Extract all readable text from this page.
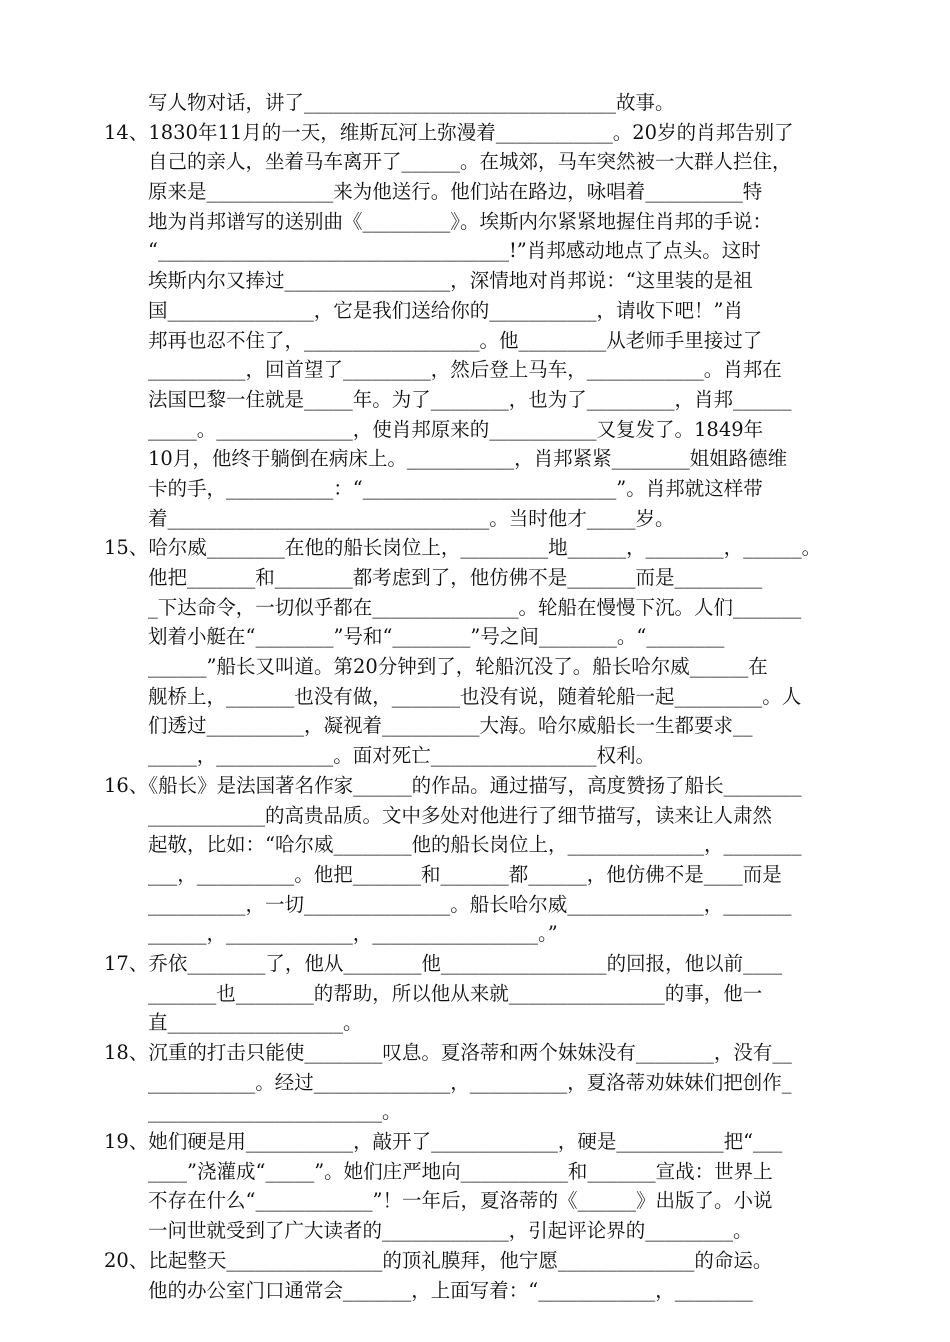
写人物对话，讲了________________________________故事。
14、1830年11月的一天，维斯瓦河上弥漫着____________。20岁的肖邦告别了
自己的亲人，坐着马车离开了______。在城郊，马车突然被一大群人拦住，
原来是_____________来为他送行。他们站在路边，咏唱着__________特
地为肖邦谱写的送别曲《_________》。埃斯内尔紧紧地握住肖邦的手说：
“____________________________________!”肖邦感动地点了点头。这时
埃斯内尔又捧过_________________，深情地对肖邦说：“这里装的是祖
国_______________，它是我们送给你的___________，请收下吧！”肖
邦再也忍不住了，__________________。他_________从老师手里接过了
__________，回首望了_________，然后登上马车，____________。肖邦在
法国巴黎一住就是_____年。为了________，也为了_________，肖邦______
_____。______________，使肖邦原来的___________又复发了。1849年
10月，他终于躺倒在病床上。___________，肖邦紧紧________姐姐路德维
卡的手，___________：“__________________________”。肖邦就这样带
着_________________________________。当时他才_____岁。
15、哈尔威________在他的船长岗位上，_________地______，________，______。
他把_______和________都考虑到了，他仿佛不是_______而是_________
_下达命令，一切似乎都在_______________。轮船在慢慢下沉。人们_______
划着小艇在“________”号和“________”号之间________。“________
______”船长又叫道。第20分钟到了，轮船沉没了。船长哈尔威______在
舰桥上，_______也没有做，_______也没有说，随着轮船一起_________。人
们透过__________，凝视着__________大海。哈尔威船长一生都要求__
_____，____________。面对死亡_________________权利。
16、《船长》是法国著名作家______的作品。通过描写，高度赞扬了船长________
____________的高贵品质。文中多处对他进行了细节描写，读来让人肃然
起敬，比如：“哈尔威________他的船长岗位上，______________，________
___，__________。他把_______和_______都______，他仿佛不是____而是
__________，一切_______________。船长哈尔威______________，_______
______，_____________，_________________。”
17、乔依________了，他从________他_________________的回报，他以前____
_______也________的帮助，所以他从来就________________的事，他一
直__________________。
18、沉重的打击只能使________叹息。夏洛蒂和两个妹妹没有________，没有__
___________。经过______________，__________，夏洛蒂劝妹妹们把创作_
________________________。
19、她们硬是用___________，敲开了_____________，硬是___________把“___
____”浇灌成“_____”。她们庄严地向___________和_______宣战：世界上
不存在什么“____________”！一年后，夏洛蒂的《______》出版了。小说
一问世就受到了广大读者的_____________，引起评论界的_________。
20、比起整天________________的顶礼膜拜，他宁愿______________的命运。
他的办公室门口通常会_______，上面写着：“____________，________
